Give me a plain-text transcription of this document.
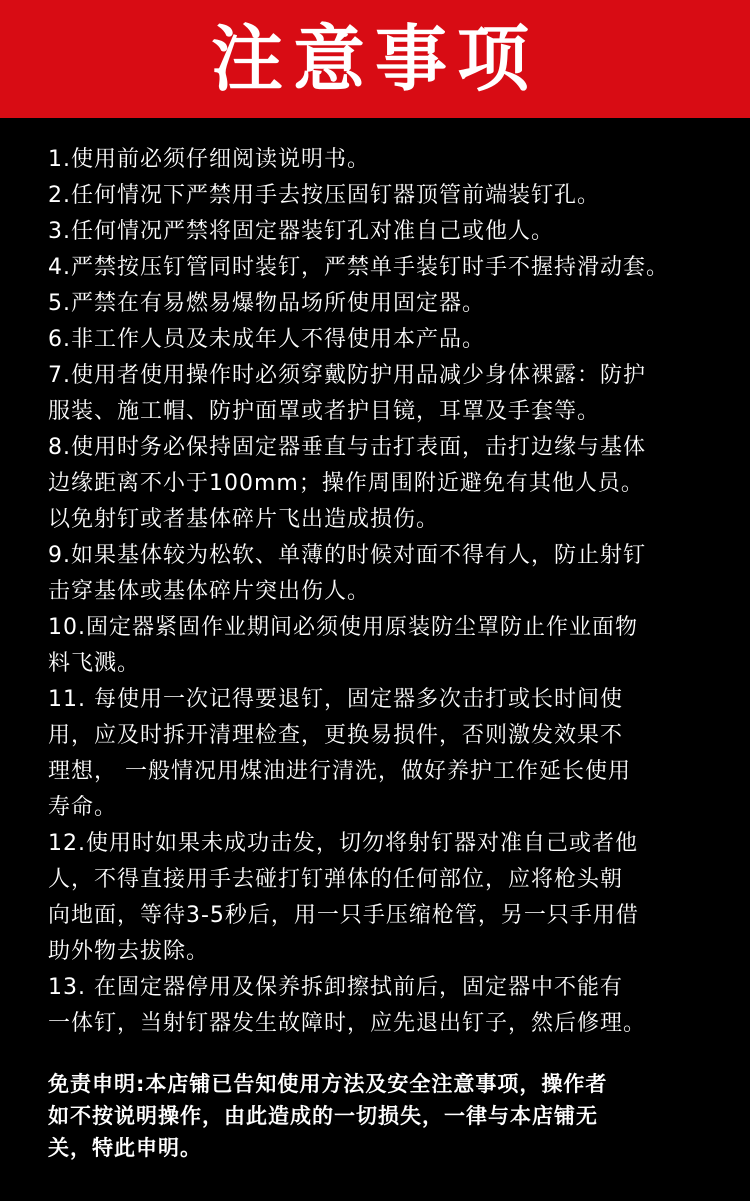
注意事项
1.使用前必须仔细阅读说明书。
2.任何情况下严禁用手去按压固钉器顶管前端装钉孔。
3.任何情况严禁将固定器装钉孔对准自己或他人。
4.严禁按压钉管同时装钉，严禁单手装钉时手不握持滑动套。
5.严禁在有易燃易爆物品场所使用固定器。
6.非工作人员及未成年人不得使用本产品。
7.使用者使用操作时必须穿戴防护用品减少身体裸露：防护
服装、施工帽、防护面罩或者护目镜，耳罩及手套等。
8.使用时务必保持固定器垂直与击打表面，击打边缘与基体
边缘距离不小于100mm；操作周围附近避免有其他人员。
以免射钉或者基体碎片飞出造成损伤。
9.如果基体较为松软、单薄的时候对面不得有人，防止射钉
击穿基体或基体碎片突出伤人。
10.固定器紧固作业期间必须使用原装防尘罩防止作业面物
料飞溅。
11. 每使用一次记得要退钉，固定器多次击打或长时间使
用，应及时拆开清理检查，更换易损件，否则激发效果不
理想， 一般情况用煤油进行清洗，做好养护工作延长使用
寿命。
12.使用时如果未成功击发，切勿将射钉器对准自己或者他
人，不得直接用手去碰打钉弹体的任何部位，应将枪头朝
向地面，等待3-5秒后，用一只手压缩枪管，另一只手用借
助外物去拔除。
13. 在固定器停用及保养拆卸擦拭前后，固定器中不能有
一体钉，当射钉器发生故障时，应先退出钉子，然后修理。
免责申明:本店铺已告知使用方法及安全注意事项，操作者
如不按说明操作，由此造成的一切损失，一律与本店铺无
关，特此申明。
